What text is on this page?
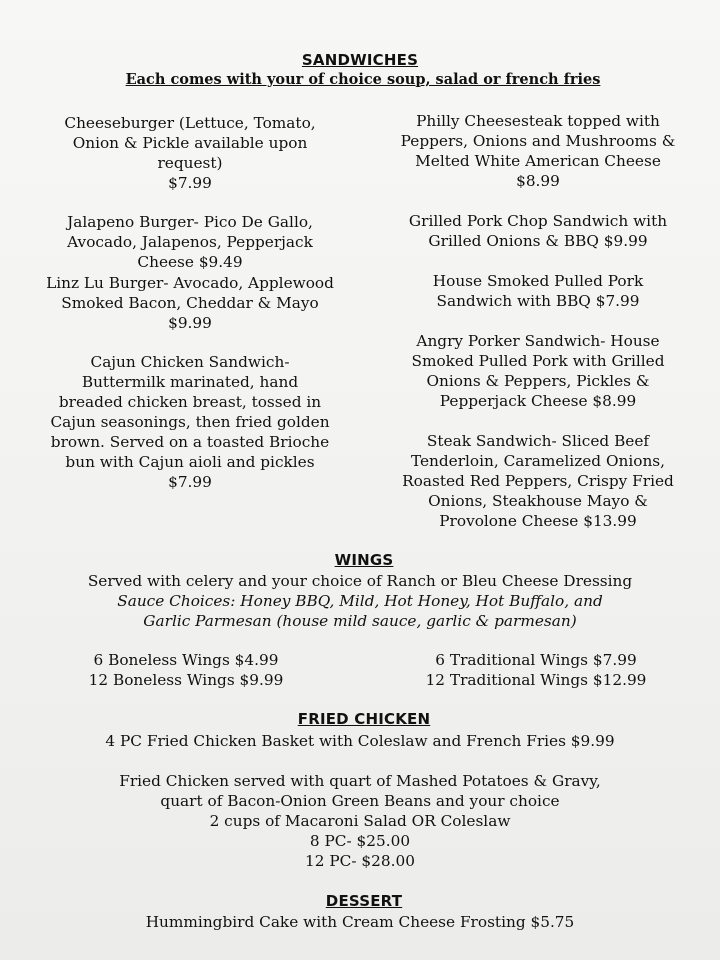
SANDWICHES
Each comes with your of choice soup, salad or french fries
Cheeseburger (Lettuce, Tomato,
Onion & Pickle available upon
request)
$7.99
Jalapeno Burger- Pico De Gallo,
Avocado, Jalapenos, Pepperjack
Cheese $9.49
Linz Lu Burger- Avocado, Applewood
Smoked Bacon, Cheddar & Mayo
$9.99
Cajun Chicken Sandwich-
Buttermilk marinated, hand
breaded chicken breast, tossed in
Cajun seasonings, then fried golden
brown. Served on a toasted Brioche
bun with Cajun aioli and pickles
$7.99
Philly Cheesesteak topped with
Peppers, Onions and Mushrooms &
Melted White American Cheese
$8.99
Grilled Pork Chop Sandwich with
Grilled Onions & BBQ $9.99
House Smoked Pulled Pork
Sandwich with BBQ $7.99
Angry Porker Sandwich- House
Smoked Pulled Pork with Grilled
Onions & Peppers, Pickles &
Pepperjack Cheese $8.99
Steak Sandwich- Sliced Beef
Tenderloin, Caramelized Onions,
Roasted Red Peppers, Crispy Fried
Onions, Steakhouse Mayo &
Provolone Cheese $13.99
WINGS
Served with celery and your choice of Ranch or Bleu Cheese Dressing
Sauce Choices: Honey BBQ, Mild, Hot Honey, Hot Buffalo, and
Garlic Parmesan (house mild sauce, garlic & parmesan)
6 Boneless Wings $4.99
12 Boneless Wings $9.99
6 Traditional Wings $7.99
12 Traditional Wings $12.99
FRIED CHICKEN
4 PC Fried Chicken Basket with Coleslaw and French Fries $9.99
Fried Chicken served with quart of Mashed Potatoes & Gravy,
quart of Bacon-Onion Green Beans and your choice
2 cups of Macaroni Salad OR Coleslaw
8 PC- $25.00
12 PC- $28.00
DESSERT
Hummingbird Cake with Cream Cheese Frosting $5.75
